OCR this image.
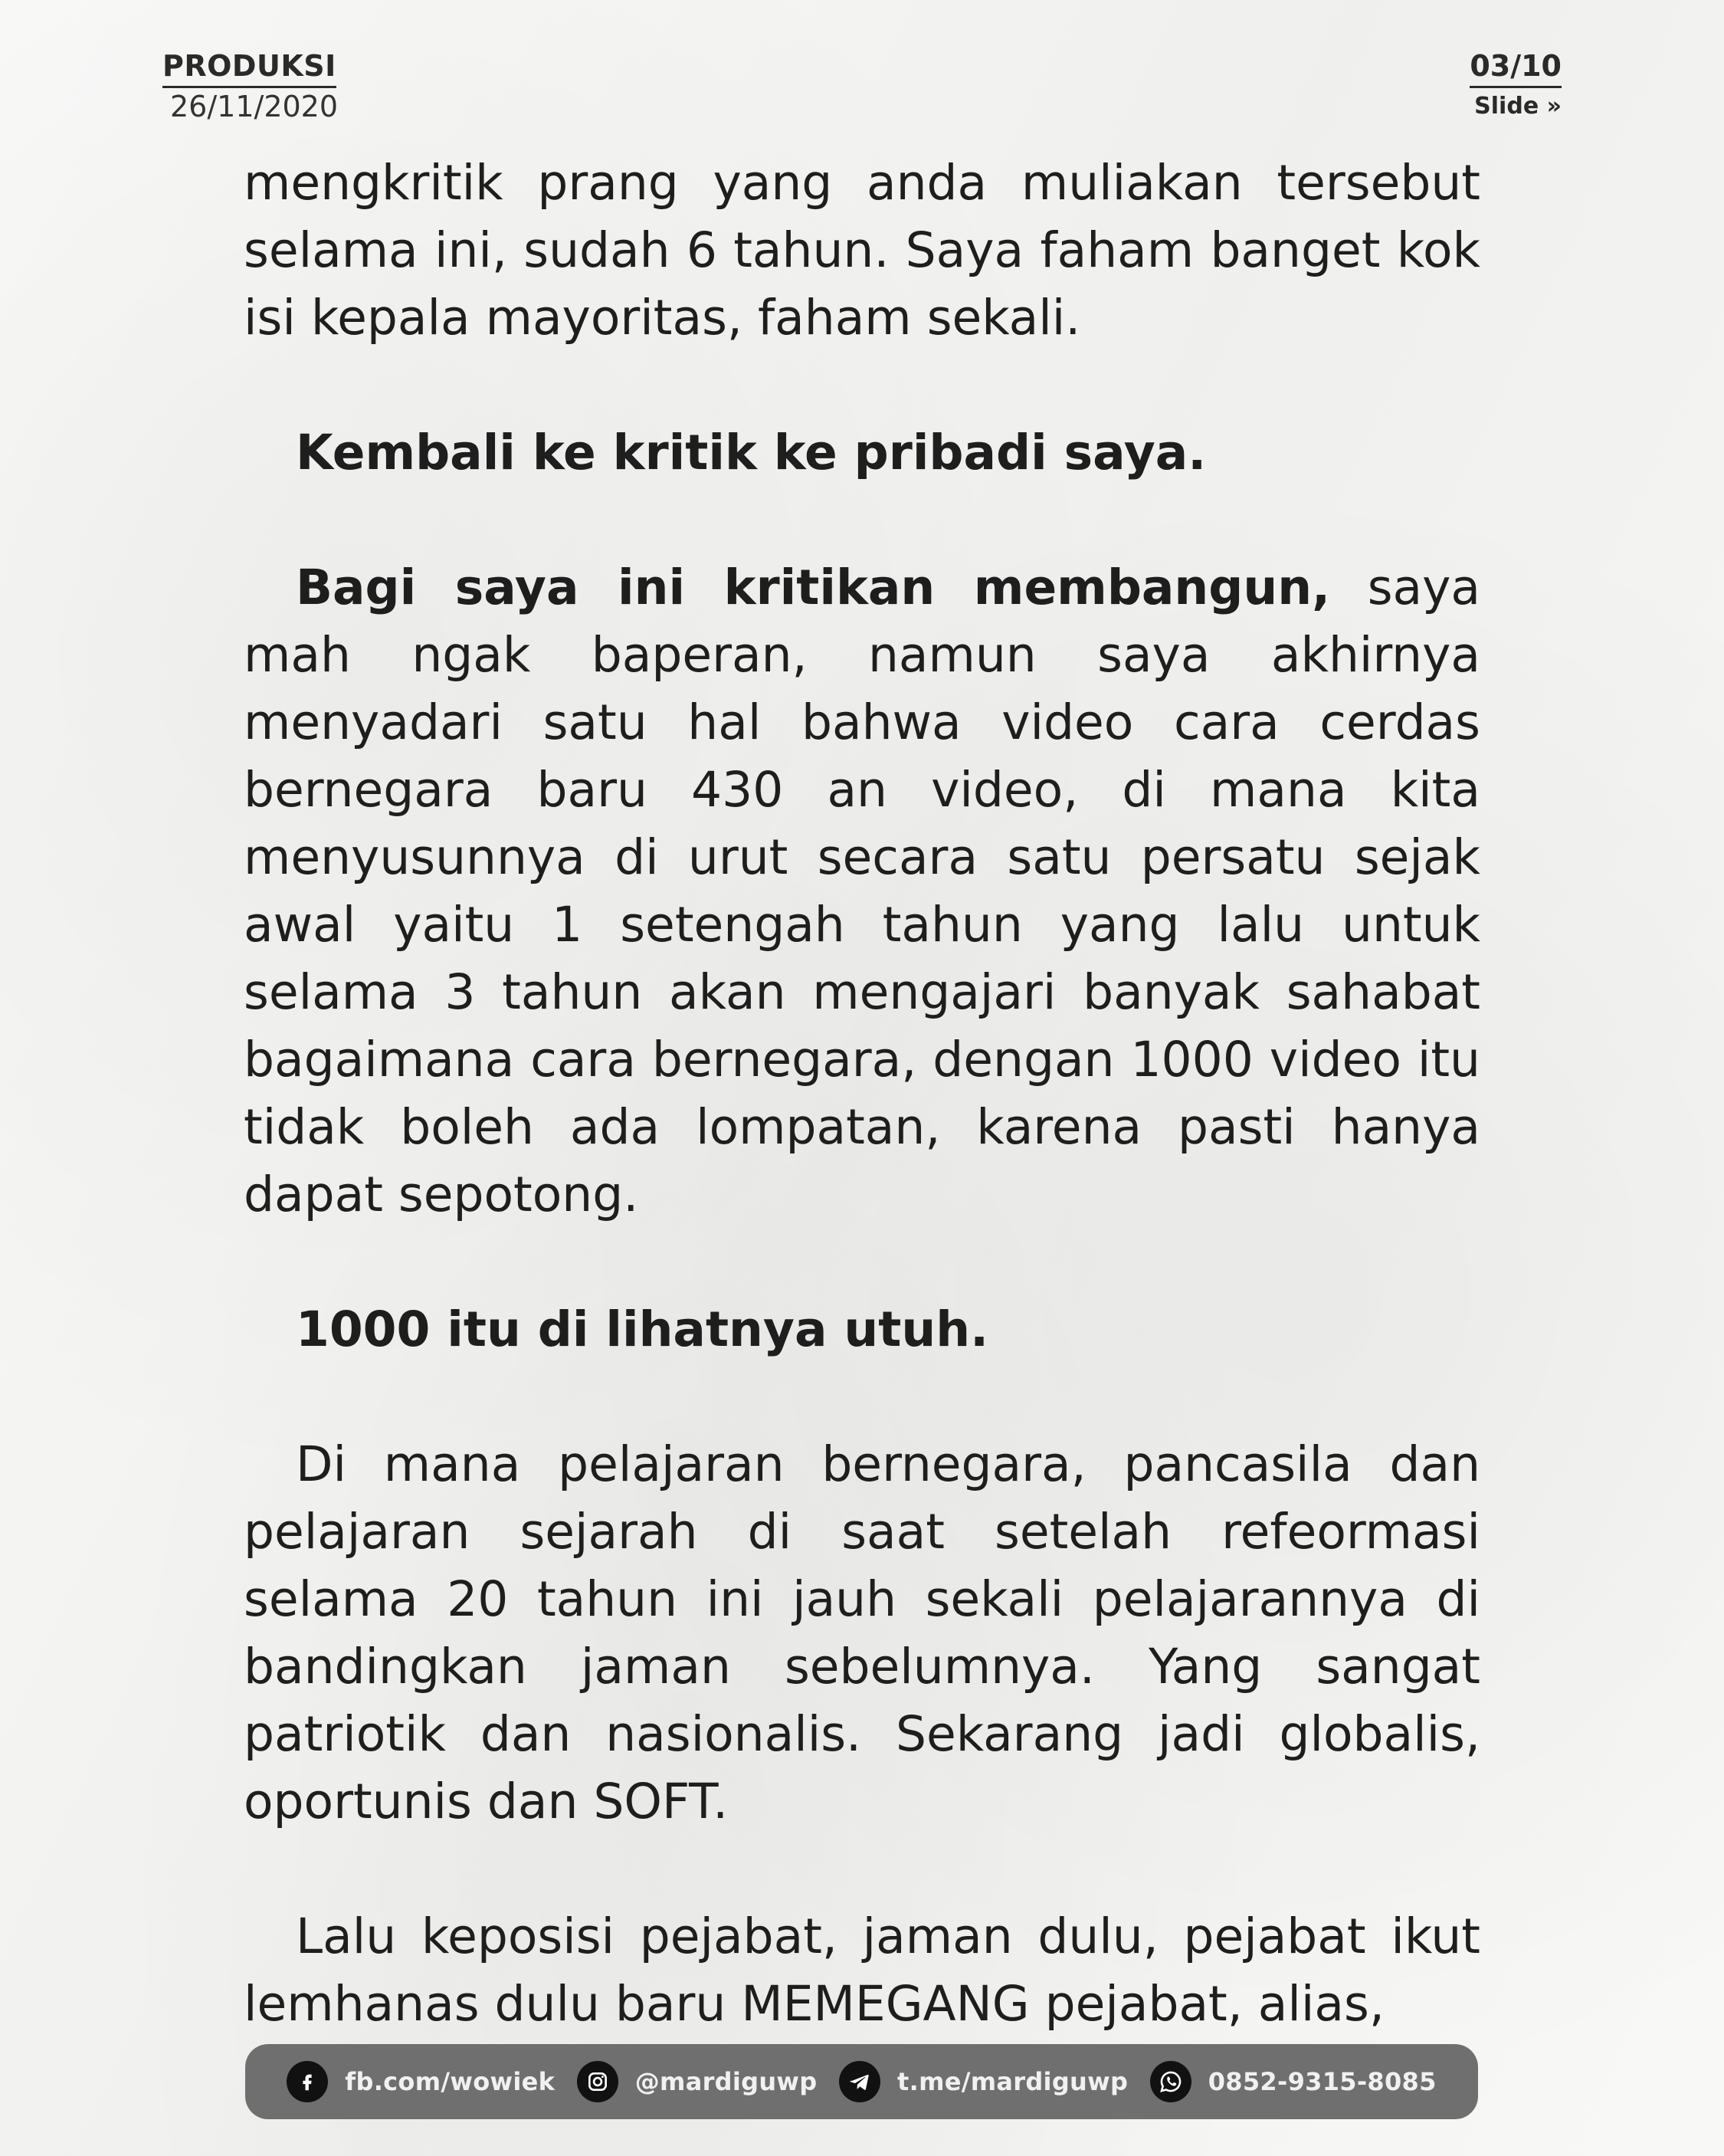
PRODUKSI
26/11/2020
03/10
Slide »

mengkritik prang yang anda muliakan tersebut selama ini, sudah 6 tahun. Saya faham banget kok isi kepala mayoritas, faham sekali.

Kembali ke kritik ke pribadi saya.

Bagi saya ini kritikan membangun, saya mah ngak baperan, namun saya akhirnya menyadari satu hal bahwa video cara cerdas bernegara baru 430 an video, di mana kita menyusunnya di urut secara satu persatu sejak awal yaitu 1 setengah tahun yang lalu untuk selama 3 tahun akan mengajari banyak sahabat bagaimana cara bernegara, dengan 1000 video itu tidak boleh ada lompatan, karena pasti hanya dapat sepotong.

1000 itu di lihatnya utuh.

Di mana pelajaran bernegara, pancasila dan pelajaran sejarah di saat setelah refeormasi selama 20 tahun ini jauh sekali pelajarannya di bandingkan jaman sebelumnya. Yang sangat patriotik dan nasionalis. Sekarang jadi globalis, oportunis dan SOFT.

Lalu keposisi pejabat, jaman dulu, pejabat ikut lemhanas dulu baru MEMEGANG pejabat, alias,

fb.com/wowiek	@mardiguwp	t.me/mardiguwp	0852-9315-8085
